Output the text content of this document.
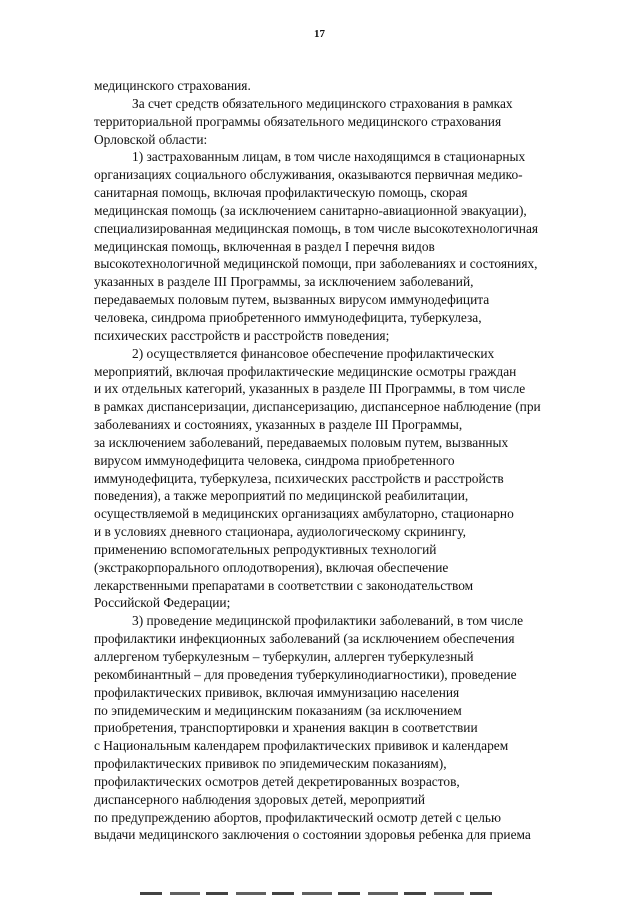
17
медицинского страхования.
За счет средств обязательного медицинского страхования в рамках
территориальной программы обязательного медицинского страхования
Орловской области:
1) застрахованным лицам, в том числе находящимся в стационарных
организациях социального обслуживания, оказываются первичная медико-
санитарная помощь, включая профилактическую помощь, скорая
медицинская помощь (за исключением санитарно-авиационной эвакуации),
специализированная медицинская помощь, в том числе высокотехнологичная
медицинская помощь, включенная в раздел I перечня видов
высокотехнологичной медицинской помощи, при заболеваниях и состояниях,
указанных в разделе III Программы, за исключением заболеваний,
передаваемых половым путем, вызванных вирусом иммунодефицита
человека, синдрома приобретенного иммунодефицита, туберкулеза,
психических расстройств и расстройств поведения;
2) осуществляется финансовое обеспечение профилактических
мероприятий, включая профилактические медицинские осмотры граждан
и их отдельных категорий, указанных в разделе III Программы, в том числе
в рамках диспансеризации, диспансеризацию, диспансерное наблюдение (при
заболеваниях и состояниях, указанных в разделе III Программы,
за исключением заболеваний, передаваемых половым путем, вызванных
вирусом иммунодефицита человека, синдрома приобретенного
иммунодефицита, туберкулеза, психических расстройств и расстройств
поведения), а также мероприятий по медицинской реабилитации,
осуществляемой в медицинских организациях амбулаторно, стационарно
и в условиях дневного стационара, аудиологическому скринингу,
применению вспомогательных репродуктивных технологий
(экстракорпорального оплодотворения), включая обеспечение
лекарственными препаратами в соответствии с законодательством
Российской Федерации;
3) проведение медицинской профилактики заболеваний, в том числе
профилактики инфекционных заболеваний (за исключением обеспечения
аллергеном туберкулезным – туберкулин, аллерген туберкулезный
рекомбинантный – для проведения туберкулинодиагностики), проведение
профилактических прививок, включая иммунизацию населения
по эпидемическим и медицинским показаниям (за исключением
приобретения, транспортировки и хранения вакцин в соответствии
с Национальным календарем профилактических прививок и календарем
профилактических прививок по эпидемическим показаниям),
профилактических осмотров детей декретированных возрастов,
диспансерного наблюдения здоровых детей, мероприятий
по предупреждению абортов, профилактический осмотр детей с целью
выдачи медицинского заключения о состоянии здоровья ребенка для приема
